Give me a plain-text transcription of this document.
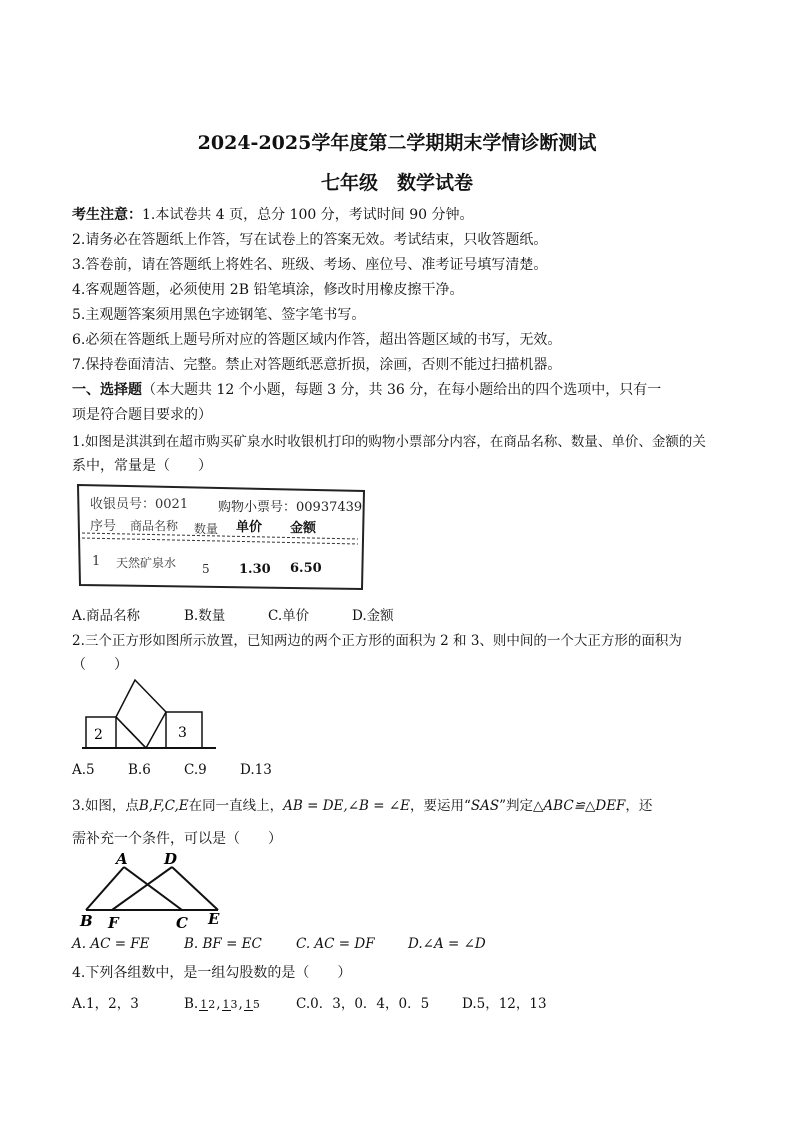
2024-2025学年度第二学期期末学情诊断测试
七年级　数学试卷
考生注意：1.本试卷共 4 页，总分 100 分，考试时间 90 分钟。
2.请务必在答题纸上作答，写在试卷上的答案无效。考试结束，只收答题纸。
3.答卷前，请在答题纸上将姓名、班级、考场、座位号、准考证号填写清楚。
4.客观题答题，必须使用 2B 铅笔填涂，修改时用橡皮擦干净。
5.主观题答案须用黑色字迹钢笔、签字笔书写。
6.必须在答题纸上题号所对应的答题区域内作答，超出答题区域的书写，无效。
7.保持卷面清洁、完整。禁止对答题纸恶意折损，涂画，否则不能过扫描机器。
一、选择题（本大题共 12 个小题，每题 3 分，共 36 分，在每小题给出的四个选项中，只有一
项是符合题目要求的）
1.如图是淇淇到在超市购买矿泉水时收银机打印的购物小票部分内容，在商品名称、数量、单价、金额的关
系中，常量是（　　）
收银员号：0021 购物小票号：00937439
序号 商品名称 数量 单价 金额
1 天然矿泉水 5 1.30 6.50
A.商品名称	B.数量	C.单价	D.金额
2.三个正方形如图所示放置，已知两边的两个正方形的面积为 2 和 3、则中间的一个大正方形的面积为
（　　）
2	3
A.5 B.6 C.9 D.13
3.如图，点B,F,C,E在同一直线上，AB = DE,∠B = ∠E，要运用“SAS”判定△ABC≌△DEF，还
需补充一个条件，可以是（　　）
A D
B F	C E
A. AC = FE	B. BF = EC	C. AC = DF D.∠A = ∠D
4.下列各组数中，是一组勾股数的是（　　）
A.1，2，3	B. 12, 13, 15	C.0．3，0．4，0．5 D.5，12，13
